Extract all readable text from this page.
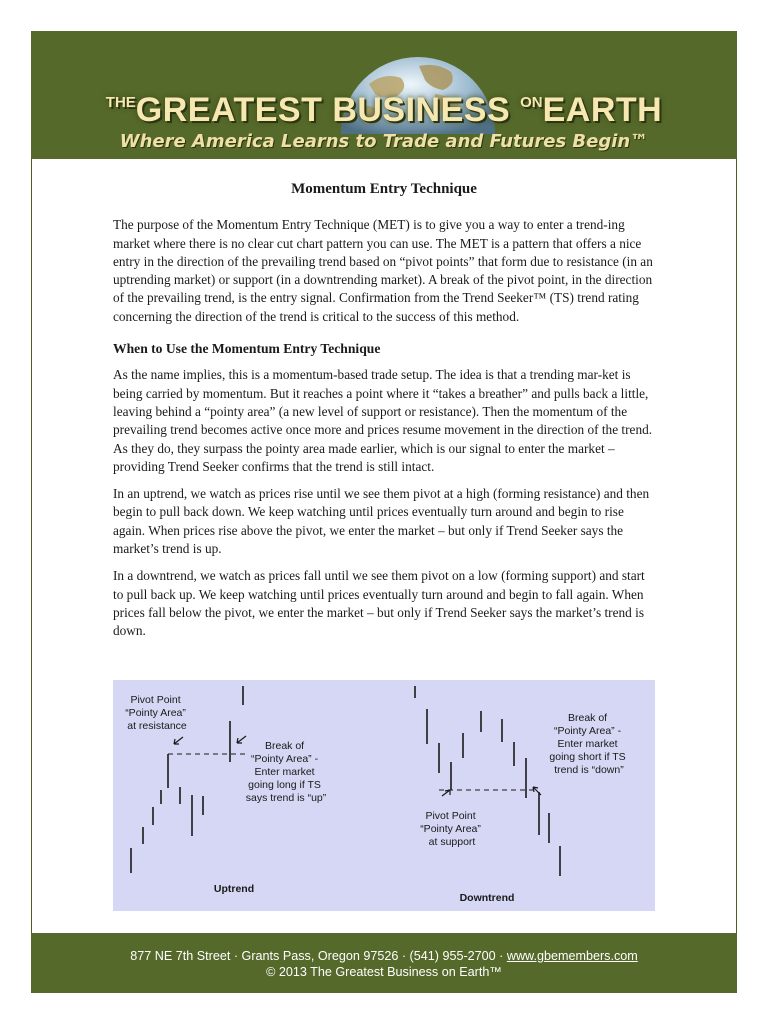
$^{THE}$GREATEST BUSINESS $^{ON}$EARTH
Where America Learns to Trade and Futures Begin™
Momentum Entry Technique

The purpose of the Momentum Entry Technique (MET) is to give you a way to enter a trend-ing market where there is no clear cut chart pattern you can use. The MET is a pattern that offers a nice entry in the direction of the prevailing trend based on “pivot points” that form due to resistance (in an uptrending market) or support (in a downtrending market). A break of the pivot point, in the direction of the prevailing trend, is the entry signal. Confirmation from the Trend Seeker™ (TS) trend rating concerning the direction of the trend is critical to the success of this method.

When to Use the Momentum Entry Technique

As the name implies, this is a momentum-based trade setup. The idea is that a trending mar-ket is being carried by momentum. But it reaches a point where it “takes a breather” and pulls back a little, leaving behind a “pointy area” (a new level of support or resistance). Then the momentum of the prevailing trend becomes active once more and prices resume movement in the direction of the trend. As they do, they surpass the pointy area made earlier, which is our signal to enter the market – providing Trend Seeker confirms that the trend is still intact.

In an uptrend, we watch as prices rise until we see them pivot at a high (forming resistance) and then begin to pull back down. We keep watching until prices eventually turn around and begin to rise again. When prices rise above the pivot, we enter the market – but only if Trend Seeker says the market’s trend is up.

In a downtrend, we watch as prices fall until we see them pivot on a low (forming support) and start to pull back up. We keep watching until prices eventually turn around and begin to fall again. When prices fall below the pivot, we enter the market – but only if Trend Seeker says the market’s trend is down.

Pivot Point “Pointy Area” at resistance
Break of “Pointy Area” - Enter market going long if TS says trend is “up”
Uptrend
Break of “Pointy Area” - Enter market going short if TS trend is “down”
Pivot Point “Pointy Area” at support
Downtrend
877 NE 7th Street · Grants Pass, Oregon 97526 · (541) 955-2700 · www.gbemembers.com
© 2013 The Greatest Business on Earth™
